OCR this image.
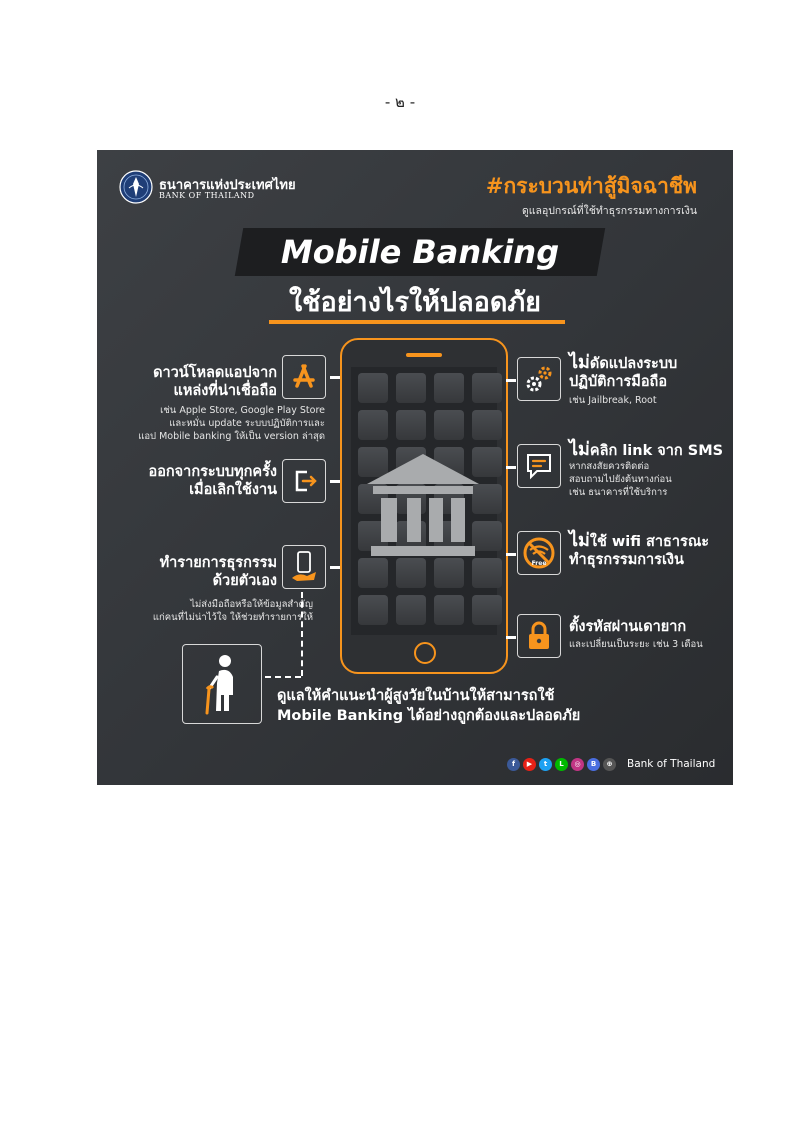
- ๒ -
ธนาคารแห่งประเทศไทย
BANK OF THAILAND	#กระบวนท่าสู้มิจฉาชีพ
ดูแลอุปกรณ์ที่ใช้ทำธุรกรรมทางการเงิน
Mobile Banking
ใช้อย่างไรให้ปลอดภัย
ดาวน์โหลดแอปจาก
แหล่งที่น่าเชื่อถือ
เช่น Apple Store, Google Play Store
และหมั่น update ระบบปฏิบัติการและ
แอป Mobile banking ให้เป็น version ล่าสุด
ออกจากระบบทุกครั้ง
เมื่อเลิกใช้งาน
ทำรายการธุรกรรม
ด้วยตัวเอง
ไม่ส่งมือถือหรือให้ข้อมูลสำคัญ
แก่คนที่ไม่น่าไว้ใจ ให้ช่วยทำรายการให้
ไม่ดัดแปลงระบบ
ปฏิบัติการมือถือ
เช่น Jailbreak, Root
ไม่คลิก link จาก SMS
หากสงสัยควรติดต่อ
สอบถามไปยังต้นทางก่อน
เช่น ธนาคารที่ใช้บริการ
Free
ไม่ใช้ wifi สาธารณะ
ทำธุรกรรมการเงิน
ตั้งรหัสผ่านเดายาก
และเปลี่ยนเป็นระยะ เช่น 3 เดือน
ดูแลให้คำแนะนำผู้สูงวัยในบ้านให้สามารถใช้
Mobile Banking ได้อย่างถูกต้องและปลอดภัย
f	▶	t	L	◎	B	⊕	Bank of Thailand
